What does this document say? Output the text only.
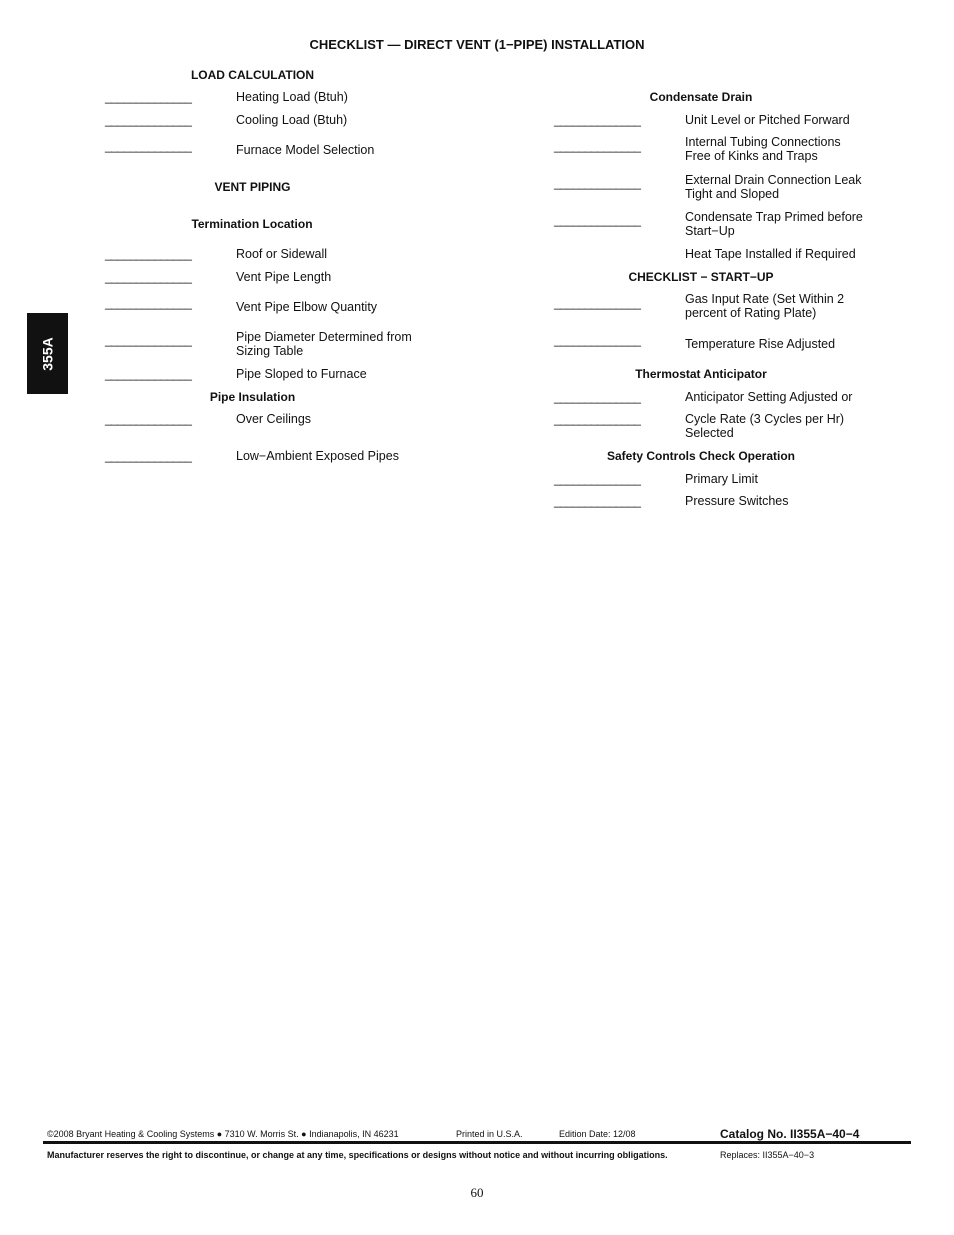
CHECKLIST — DIRECT VENT (1−PIPE) INSTALLATION
LOAD CALCULATION
______________	Heating Load (Btuh)
______________	Cooling Load (Btuh)
______________	Furnace Model Selection
VENT PIPING
Termination Location
______________	Roof or Sidewall
______________	Vent Pipe Length
______________	Vent Pipe Elbow Quantity
______________	Pipe Diameter Determined from
Sizing Table
______________	Pipe Sloped to Furnace
Pipe Insulation
______________	Over Ceilings
______________	Low−Ambient Exposed Pipes
Condensate Drain
______________	Unit Level or Pitched Forward
______________	Internal Tubing Connections
Free of Kinks and Traps
______________	External Drain Connection Leak
Tight and Sloped
______________	Condensate Trap Primed before
Start−Up
Heat Tape Installed if Required
CHECKLIST − START−UP
______________	Gas Input Rate (Set Within 2
percent of Rating Plate)
______________	Temperature Rise Adjusted
Thermostat Anticipator
______________	Anticipator Setting Adjusted or
______________	Cycle Rate (3 Cycles per Hr)
Selected
Safety Controls Check Operation
______________	Primary Limit
______________	Pressure Switches
355A
©2008 Bryant Heating & Cooling Systems ● 7310 W. Morris St. ● Indianapolis, IN 46231	Printed in U.S.A.	Edition Date: 12/08	Catalog No. II355A−40−4
Manufacturer reserves the right to discontinue, or change at any time, specifications or designs without notice and without incurring obligations.	Replaces: II355A−40−3
60
